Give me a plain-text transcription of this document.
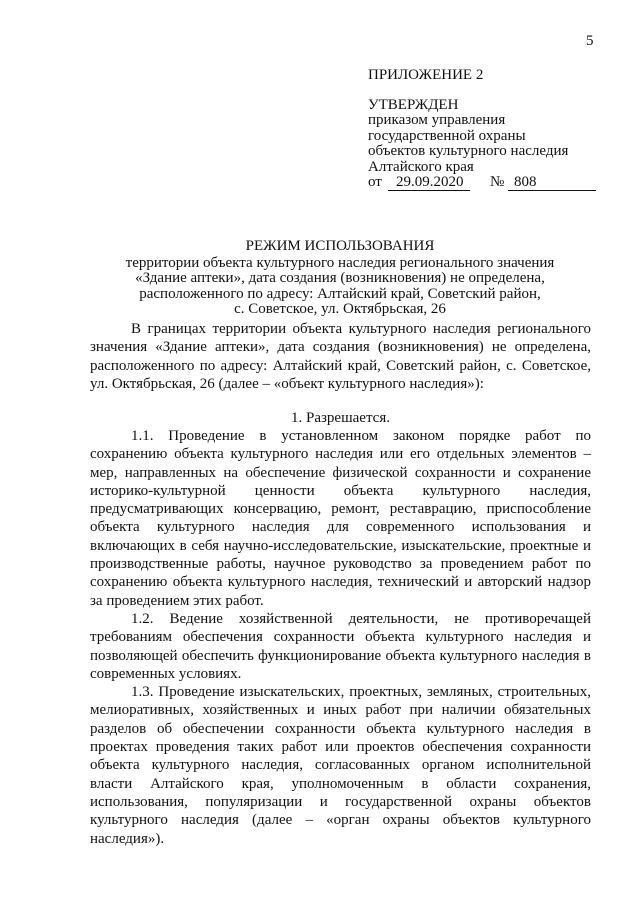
5
ПРИЛОЖЕНИЕ 2
УТВЕРЖДЕН
приказом управления
государственной охраны
объектов культурного наследия
Алтайского края
от 29.09.2020	№ 808
РЕЖИМ ИСПОЛЬЗОВАНИЯ
территории объекта культурного наследия регионального значения
«Здание аптеки», дата создания (возникновения) не определена,
расположенного по адресу: Алтайский край, Советский район,
с. Советское, ул. Октябрьская, 26

В границах территории объекта культурного наследия регионального значения «Здание аптеки», дата создания (возникновения) не определена, расположенного по адресу: Алтайский край, Советский район, с. Советское, ул. Октябрьская, 26 (далее – «объект культурного наследия»):

1. Разрешается.

1.1. Проведение в установленном законом порядке работ по сохранению объекта культурного наследия или его отдельных элементов – мер, направленных на обеспечение физической сохранности и сохранение историко-культурной ценности объекта культурного наследия, предусматривающих консервацию, ремонт, реставрацию, приспособление объекта культурного наследия для современного использования и включающих в себя научно-исследовательские, изыскательские, проектные и производственные работы, научное руководство за проведением работ по сохранению объекта культурного наследия, технический и авторский надзор за проведением этих работ.

1.2. Ведение хозяйственной деятельности, не противоречащей требованиям обеспечения сохранности объекта культурного наследия и позволяющей обеспечить функционирование объекта культурного наследия в современных условиях.

1.3. Проведение изыскательских, проектных, земляных, строительных, мелиоративных, хозяйственных и иных работ при наличии обязательных разделов об обеспечении сохранности объекта культурного наследия в проектах проведения таких работ или проектов обеспечения сохранности объекта культурного наследия, согласованных органом исполнительной власти Алтайского края, уполномоченным в области сохранения, использования, популяризации и государственной охраны объектов культурного наследия (далее – «орган охраны объектов культурного наследия»).
